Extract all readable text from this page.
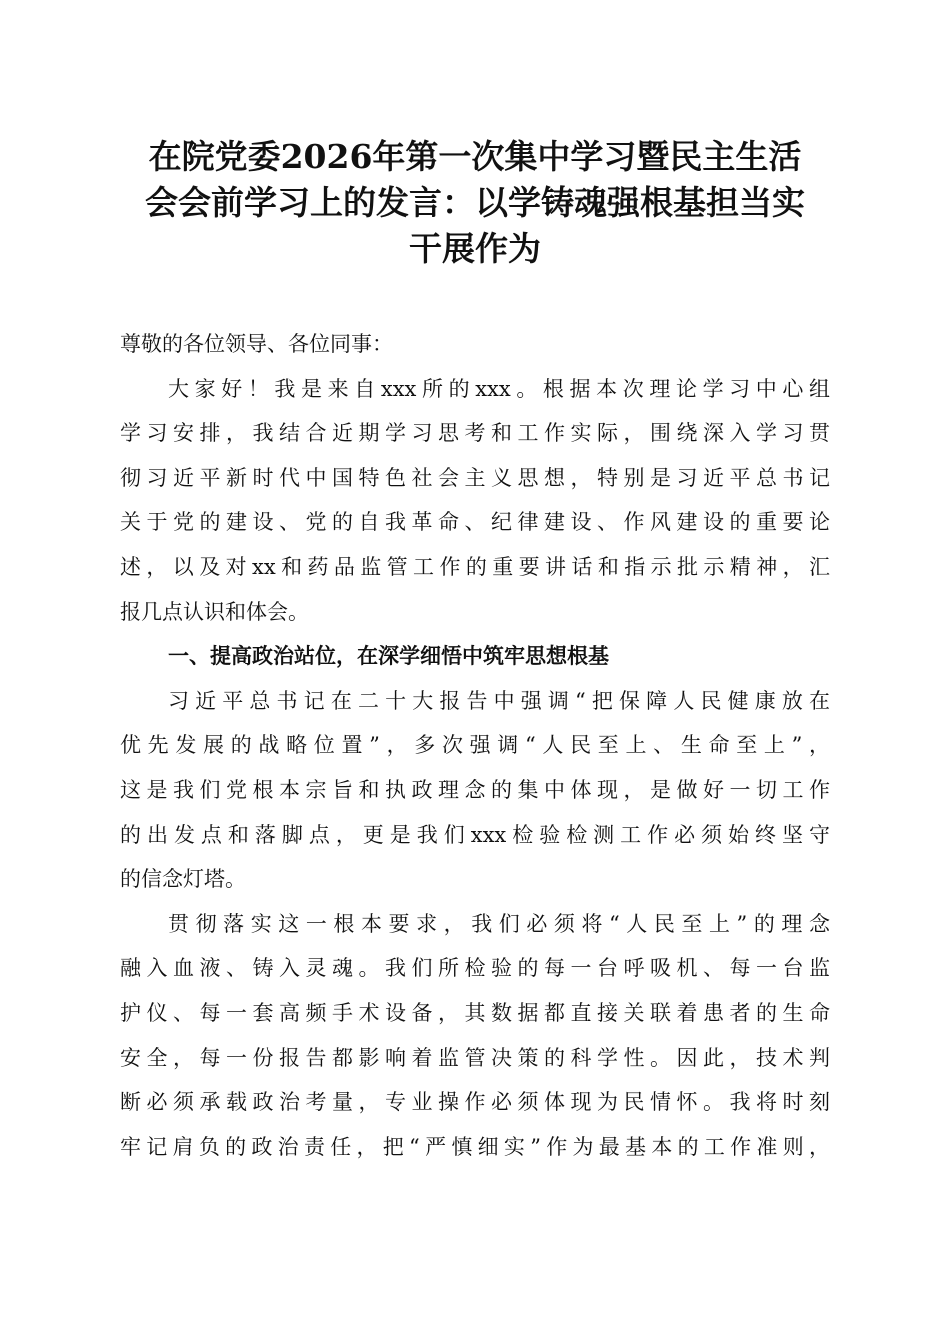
在院党委2026年第一次集中学习暨民主生活
会会前学习上的发言：以学铸魂强根基担当实
干展作为

尊敬的各位领导、各位同事：

大家好！我是来自xxx所的xxx。根据本次理论学习中心组
学习安排，我结合近期学习思考和工作实际，围绕深入学习贯
彻习近平新时代中国特色社会主义思想，特别是习近平总书记
关于党的建设、党的自我革命、纪律建设、作风建设的重要论
述，以及对xx和药品监管工作的重要讲话和指示批示精神，汇
报几点认识和体会。

一、提高政治站位，在深学细悟中筑牢思想根基

习近平总书记在二十大报告中强调“把保障人民健康放在
优先发展的战略位置”，多次强调“人民至上、生命至上”，
这是我们党根本宗旨和执政理念的集中体现，是做好一切工作
的出发点和落脚点，更是我们xxx检验检测工作必须始终坚守
的信念灯塔。

贯彻落实这一根本要求，我们必须将“人民至上”的理念
融入血液、铸入灵魂。我们所检验的每一台呼吸机、每一台监
护仪、每一套高频手术设备，其数据都直接关联着患者的生命
安全，每一份报告都影响着监管决策的科学性。因此，技术判
断必须承载政治考量，专业操作必须体现为民情怀。我将时刻
牢记肩负的政治责任，把“严慎细实”作为最基本的工作准则，
